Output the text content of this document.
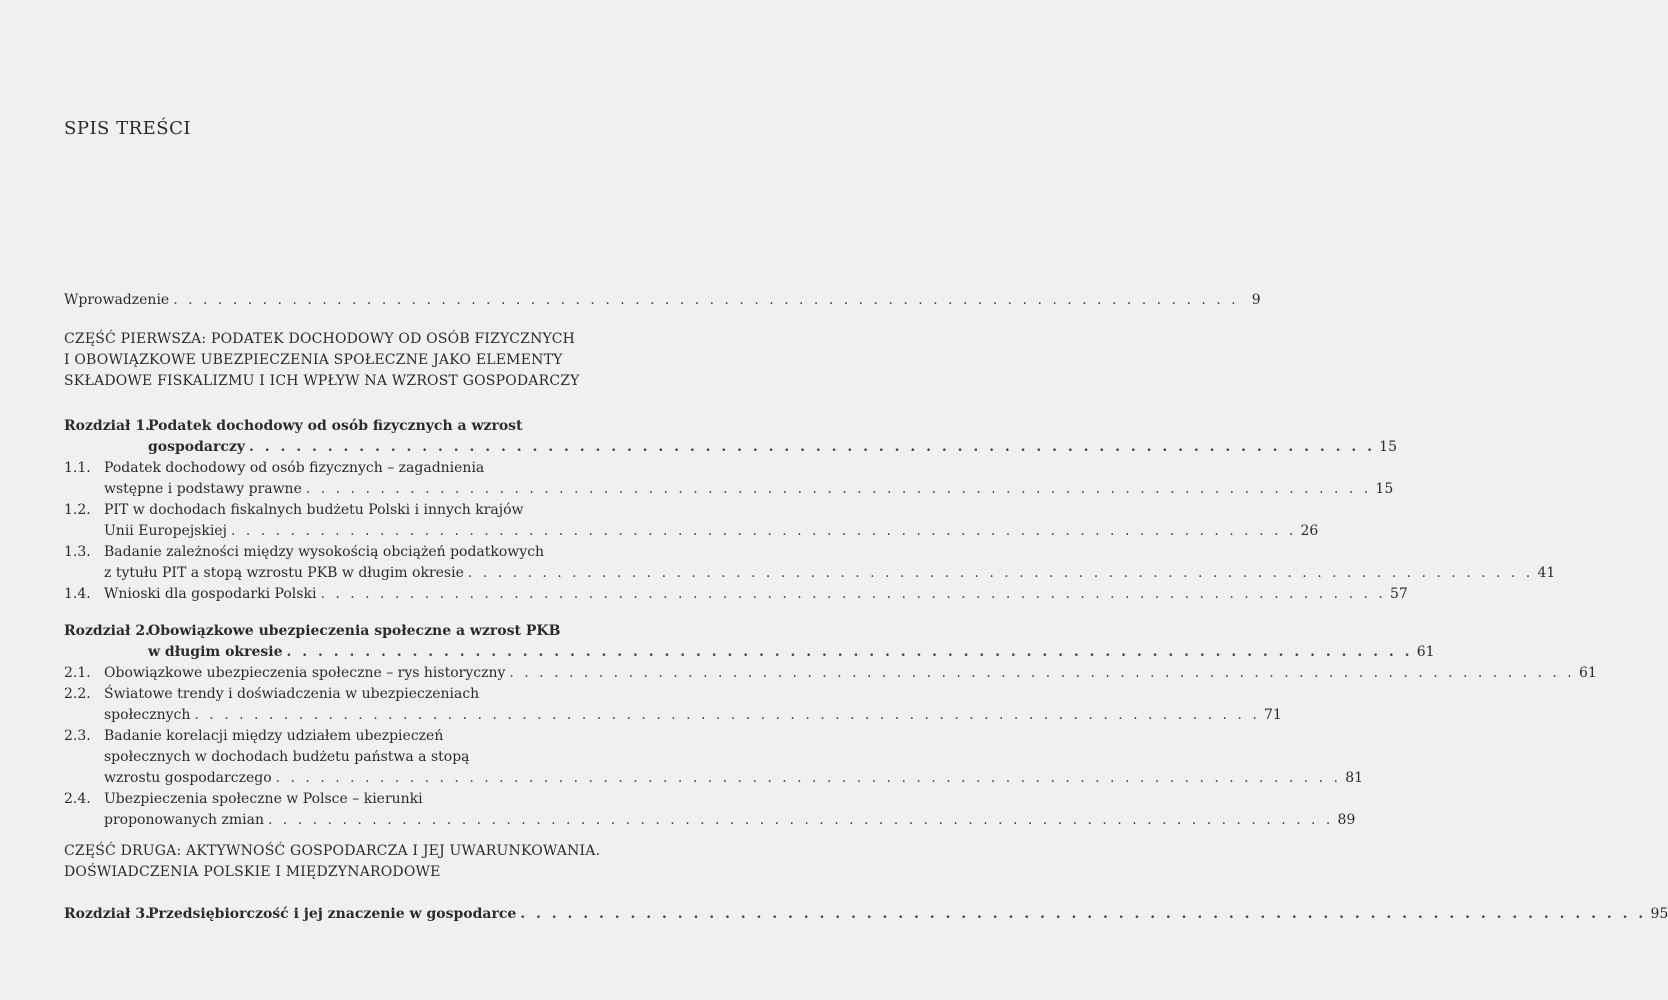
SPIS TREŚCI
Wprowadzenie . . .	9
CZĘŚĆ PIERWSZA: PODATEK DOCHODOWY OD OSÓB FIZYCZNYCH
I OBOWIĄZKOWE UBEZPIECZENIA SPOŁECZNE JAKO ELEMENTY
SKŁADOWE FISKALIZMU I ICH WPŁYW NA WZROST GOSPODARCZY
Rozdział 1.
Podatek dochodowy od osób fizycznych a wzrost
gospodarczy . . .	15
1.1. Podatek dochodowy od osób fizycznych – zagadnienia
wstępne i podstawy prawne . . .	15
1.2. PIT w dochodach fiskalnych budżetu Polski i innych krajów
Unii Europejskiej . . .	26
1.3. Badanie zależności między wysokością obciążeń podatkowych
z tytułu PIT a stopą wzrostu PKB w długim okresie . . .	41
1.4. Wnioski dla gospodarki Polski . . .	57
Rozdział 2.
Obowiązkowe ubezpieczenia społeczne a wzrost PKB
w długim okresie . . .	61
2.1. Obowiązkowe ubezpieczenia społeczne – rys historyczny . . .	61
2.2. Światowe trendy i doświadczenia w ubezpieczeniach
społecznych . . .	71
2.3. Badanie korelacji między udziałem ubezpieczeń
społecznych w dochodach budżetu państwa a stopą
wzrostu gospodarczego . . .	81
2.4. Ubezpieczenia społeczne w Polsce – kierunki
proponowanych zmian . . .	89
CZĘŚĆ DRUGA: AKTYWNOŚĆ GOSPODARCZA I JEJ UWARUNKOWANIA.
DOŚWIADCZENIA POLSKIE I MIĘDZYNARODOWE
Rozdział 3.
Przedsiębiorczość i jej znaczenie w gospodarce . . .	95
